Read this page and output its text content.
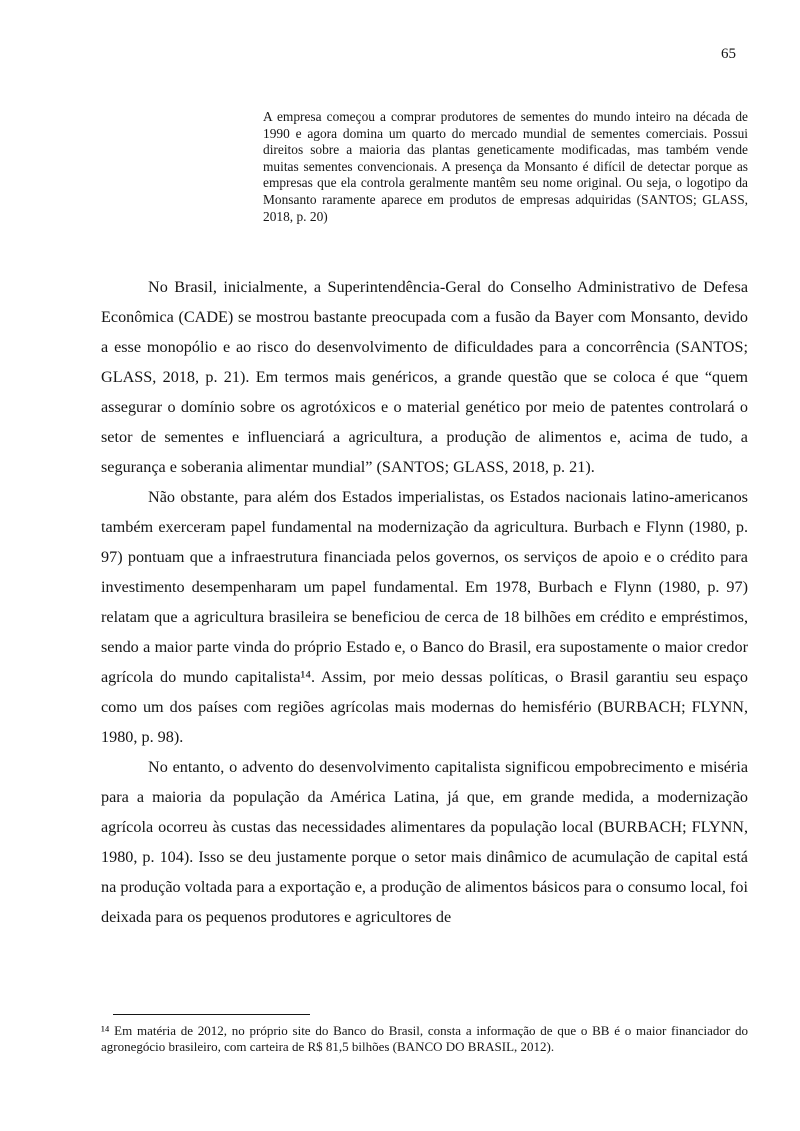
65
A empresa começou a comprar produtores de sementes do mundo inteiro na década de 1990 e agora domina um quarto do mercado mundial de sementes comerciais. Possui direitos sobre a maioria das plantas geneticamente modificadas, mas também vende muitas sementes convencionais. A presença da Monsanto é difícil de detectar porque as empresas que ela controla geralmente mantêm seu nome original. Ou seja, o logotipo da Monsanto raramente aparece em produtos de empresas adquiridas (SANTOS; GLASS, 2018, p. 20)

No Brasil, inicialmente, a Superintendência-Geral do Conselho Administrativo de Defesa Econômica (CADE) se mostrou bastante preocupada com a fusão da Bayer com Monsanto, devido a esse monopólio e ao risco do desenvolvimento de dificuldades para a concorrência (SANTOS; GLASS, 2018, p. 21). Em termos mais genéricos, a grande questão que se coloca é que “quem assegurar o domínio sobre os agrotóxicos e o material genético por meio de patentes controlará o setor de sementes e influenciará a agricultura, a produção de alimentos e, acima de tudo, a segurança e soberania alimentar mundial” (SANTOS; GLASS, 2018, p. 21).

Não obstante, para além dos Estados imperialistas, os Estados nacionais latino-americanos também exerceram papel fundamental na modernização da agricultura. Burbach e Flynn (1980, p. 97) pontuam que a infraestrutura financiada pelos governos, os serviços de apoio e o crédito para investimento desempenharam um papel fundamental. Em 1978, Burbach e Flynn (1980, p. 97) relatam que a agricultura brasileira se beneficiou de cerca de 18 bilhões em crédito e empréstimos, sendo a maior parte vinda do próprio Estado e, o Banco do Brasil, era supostamente o maior credor agrícola do mundo capitalista¹⁴. Assim, por meio dessas políticas, o Brasil garantiu seu espaço como um dos países com regiões agrícolas mais modernas do hemisfério (BURBACH; FLYNN, 1980, p. 98).

No entanto, o advento do desenvolvimento capitalista significou empobrecimento e miséria para a maioria da população da América Latina, já que, em grande medida, a modernização agrícola ocorreu às custas das necessidades alimentares da população local (BURBACH; FLYNN, 1980, p. 104). Isso se deu justamente porque o setor mais dinâmico de acumulação de capital está na produção voltada para a exportação e, a produção de alimentos básicos para o consumo local, foi deixada para os pequenos produtores e agricultores de

¹⁴ Em matéria de 2012, no próprio site do Banco do Brasil, consta a informação de que o BB é o maior financiador do agronegócio brasileiro, com carteira de R$ 81,5 bilhões (BANCO DO BRASIL, 2012).
